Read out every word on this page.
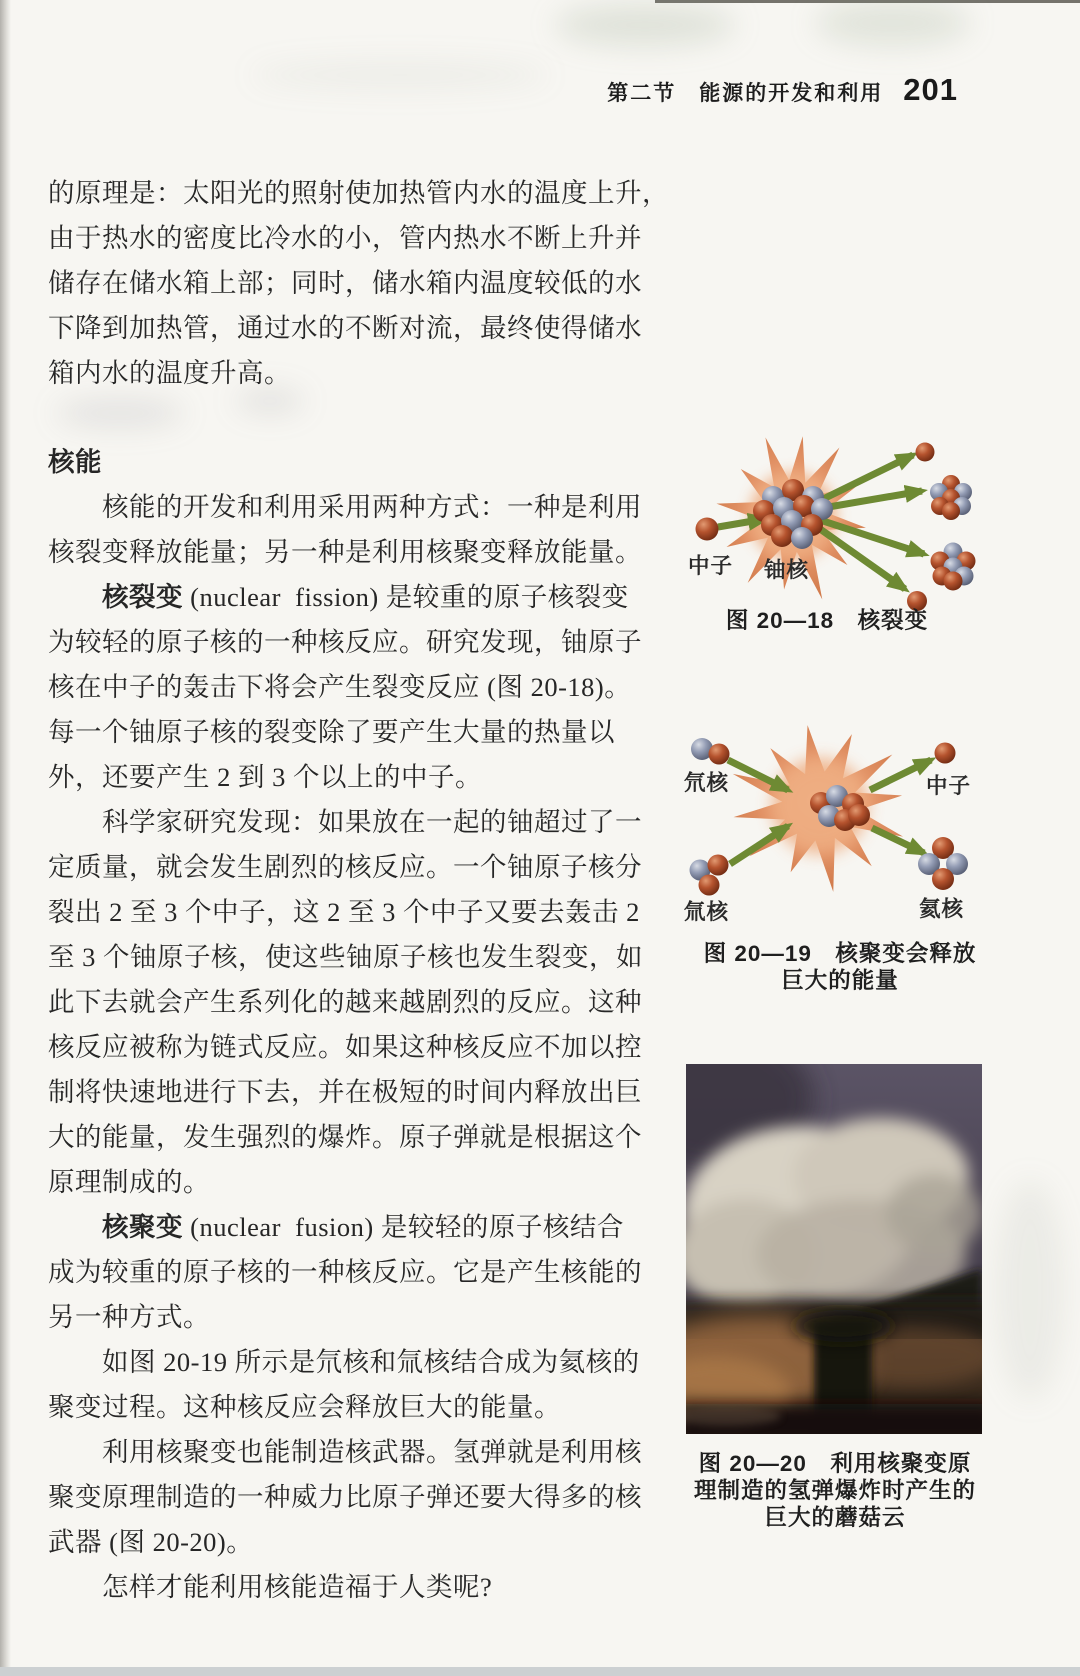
第二节　能源的开发和利用 201
的原理是：太阳光的照射使加热管内水的温度上升，
由于热水的密度比冷水的小，管内热水不断上升并
储存在储水箱上部；同时，储水箱内温度较低的水
下降到加热管，通过水的不断对流，最终使得储水
箱内水的温度升高。
核能
核能的开发和利用采用两种方式：一种是利用
核裂变释放能量；另一种是利用核聚变释放能量。
核裂变 (nuclear  fission) 是较重的原子核裂变
为较轻的原子核的一种核反应。研究发现，铀原子
核在中子的轰击下将会产生裂变反应 (图 20-18)。
每一个铀原子核的裂变除了要产生大量的热量以
外，还要产生 2 到 3 个以上的中子。
科学家研究发现：如果放在一起的铀超过了一
定质量，就会发生剧烈的核反应。一个铀原子核分
裂出 2 至 3 个中子，这 2 至 3 个中子又要去轰击 2
至 3 个铀原子核，使这些铀原子核也发生裂变，如
此下去就会产生系列化的越来越剧烈的反应。这种
核反应被称为链式反应。如果这种核反应不加以控
制将快速地进行下去，并在极短的时间内释放出巨
大的能量，发生强烈的爆炸。原子弹就是根据这个
原理制成的。
核聚变 (nuclear  fusion) 是较轻的原子核结合
成为较重的原子核的一种核反应。它是产生核能的
另一种方式。
如图 20-19 所示是氘核和氚核结合成为氦核的
聚变过程。这种核反应会释放巨大的能量。
利用核聚变也能制造核武器。氢弹就是利用核
聚变原理制造的一种威力比原子弹还要大得多的核
武器 (图 20-20)。
怎样才能利用核能造福于人类呢?
中子 铀核
图 20—18　核裂变
氘核
氚核
中子
氦核
图 20—19　核聚变会释放
巨大的能量
图 20—20　利用核聚变原
理制造的氢弹爆炸时产生的
巨大的蘑菇云
